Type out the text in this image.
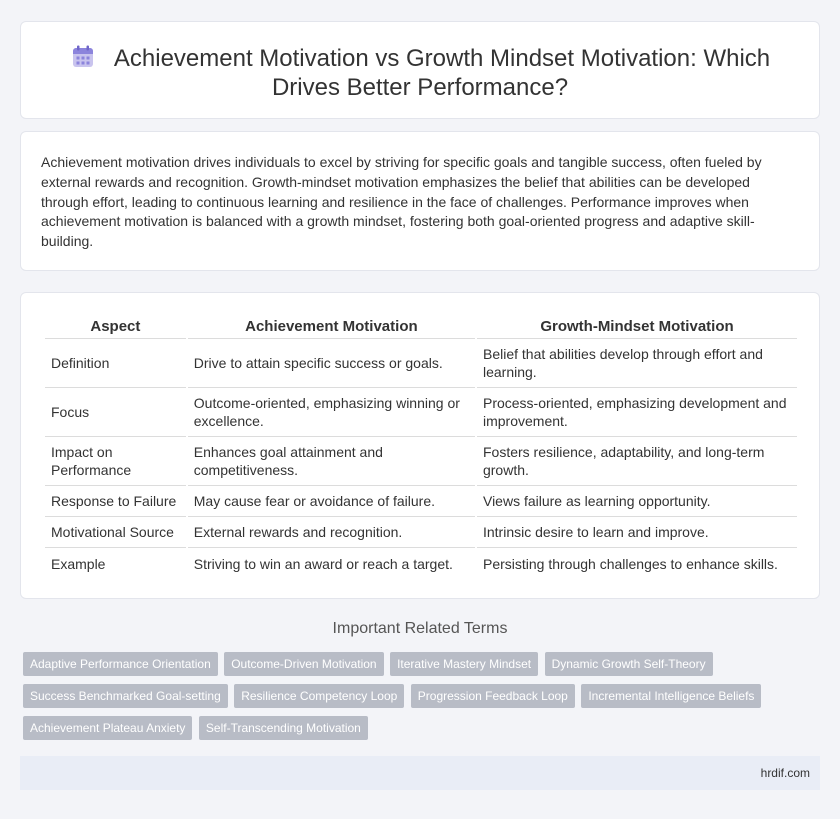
Achievement Motivation vs Growth Mindset Motivation: Which Drives Better Performance?

Achievement motivation drives individuals to excel by striving for specific goals and tangible success, often fueled by external rewards and recognition. Growth-mindset motivation emphasizes the belief that abilities can be developed through effort, leading to continuous learning and resilience in the face of challenges. Performance improves when achievement motivation is balanced with a growth mindset, fostering both goal-oriented progress and adaptive skill-building.

Aspect	Achievement Motivation	Growth-Mindset Motivation
Definition	Drive to attain specific success or goals.	Belief that abilities develop through effort and learning.
Focus	Outcome-oriented, emphasizing winning or excellence.	Process-oriented, emphasizing development and improvement.
Impact on Performance	Enhances goal attainment and competitiveness.	Fosters resilience, adaptability, and long-term growth.
Response to Failure	May cause fear or avoidance of failure.	Views failure as learning opportunity.
Motivational Source	External rewards and recognition.	Intrinsic desire to learn and improve.
Example	Striving to win an award or reach a target.	Persisting through challenges to enhance skills.
Important Related Terms
Adaptive Performance Orientation Outcome-Driven Motivation Iterative Mastery Mindset Dynamic Growth Self-Theory
Success Benchmarked Goal-setting Resilience Competency Loop Progression Feedback Loop Incremental Intelligence Beliefs
Achievement Plateau Anxiety Self-Transcending Motivation
hrdif.com
